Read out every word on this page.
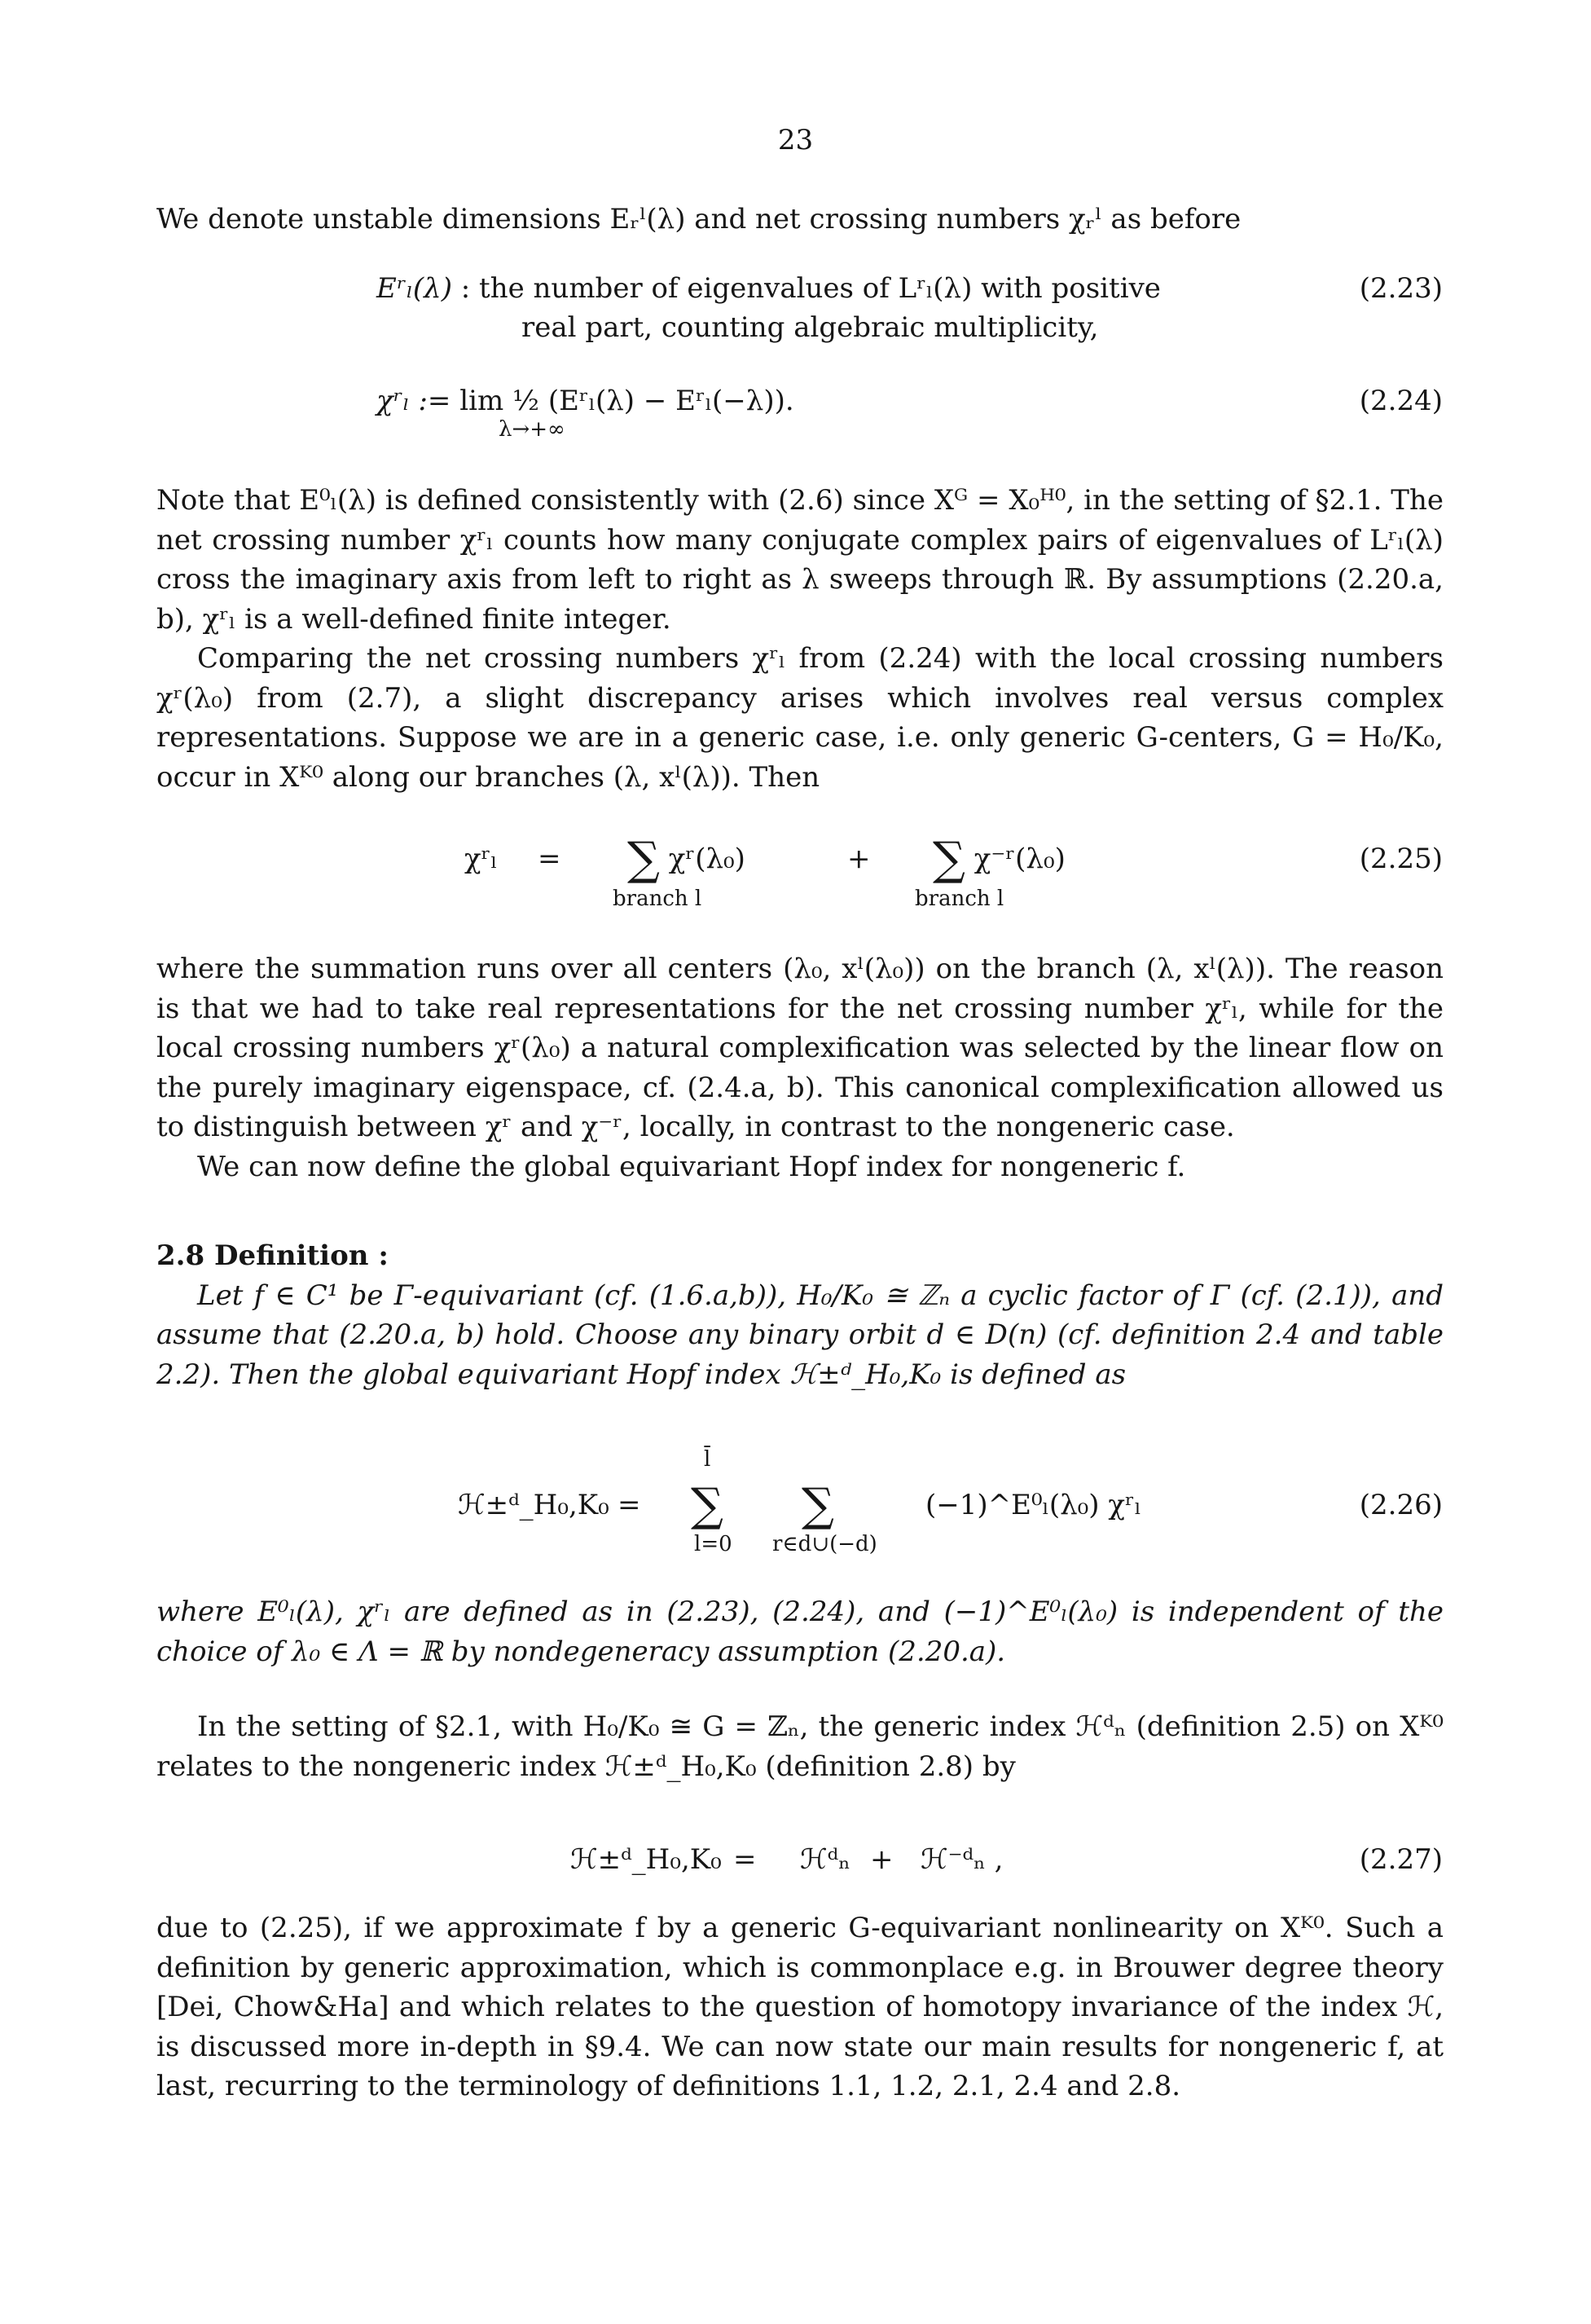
23

We denote unstable dimensions Eᵣˡ(λ) and net crossing numbers χᵣˡ as before

Eʳₗ(λ) : the number of eigenvalues of Lʳₗ(λ) with positive
real part, counting algebraic multiplicity,
(2.23)
χʳₗ := lim ½ (Eʳₗ(λ) − Eʳₗ(−λ)).
λ→+∞
(2.24)

Note that E⁰ₗ(λ) is defined consistently with (2.6) since Xᴳ = X₀ᴴ⁰, in the setting of §2.1. The net crossing number χʳₗ counts how many conjugate complex pairs of eigenvalues of Lʳₗ(λ) cross the imaginary axis from left to right as λ sweeps through ℝ. By assumptions (2.20.a, b), χʳₗ is a well-defined finite integer.

Comparing the net crossing numbers χʳₗ from (2.24) with the local crossing numbers χʳ(λ₀) from (2.7), a slight discrepancy arises which involves real versus complex representations. Suppose we are in a generic case, i.e. only generic G-centers, G = H₀/K₀, occur in Xᴷ⁰ along our branches (λ, xˡ(λ)). Then

χʳₗ = ∑ χʳ(λ₀)	+ ∑ χ⁻ʳ(λ₀)
branch l	branch l
(2.25)

where the summation runs over all centers (λ₀, xˡ(λ₀)) on the branch (λ, xˡ(λ)). The reason is that we had to take real representations for the net crossing number χʳₗ, while for the local crossing numbers χʳ(λ₀) a natural complexification was selected by the linear flow on the purely imaginary eigenspace, cf. (2.4.a, b). This canonical complexification allowed us to distinguish between χʳ and χ⁻ʳ, locally, in contrast to the nongeneric case.

We can now define the global equivariant Hopf index for nongeneric f.

2.8 Definition :

Let f ∈ C¹ be Γ-equivariant (cf. (1.6.a,b)), H₀/K₀ ≅ ℤₙ a cyclic factor of Γ (cf. (2.1)), and assume that (2.20.a, b) hold. Choose any binary orbit d ∈ D(n) (cf. definition 2.4 and table 2.2). Then the global equivariant Hopf index ℋ±ᵈ_H₀,K₀ is defined as

ℋ±ᵈ_H₀,K₀ =
l̄
∑ ∑	(−1)^E⁰ₗ(λ₀) χʳₗ
l=0 r∈d∪(−d)
(2.26)

where E⁰ₗ(λ), χʳₗ are defined as in (2.23), (2.24), and (−1)^E⁰ₗ(λ₀) is independent of the choice of λ₀ ∈ Λ = ℝ by nondegeneracy assumption (2.20.a).

In the setting of §2.1, with H₀/K₀ ≅ G = ℤₙ, the generic index ℋᵈₙ (definition 2.5) on Xᴷ⁰ relates to the nongeneric index ℋ±ᵈ_H₀,K₀ (definition 2.8) by

ℋ±ᵈ_H₀,K₀ = ℋᵈₙ + ℋ⁻ᵈₙ ,	(2.27)

due to (2.25), if we approximate f by a generic G-equivariant nonlinearity on Xᴷ⁰. Such a definition by generic approximation, which is commonplace e.g. in Brouwer degree theory [Dei, Chow&Ha] and which relates to the question of homotopy invariance of the index ℋ, is discussed more in-depth in §9.4. We can now state our main results for nongeneric f, at last, recurring to the terminology of definitions 1.1, 1.2, 2.1, 2.4 and 2.8.
